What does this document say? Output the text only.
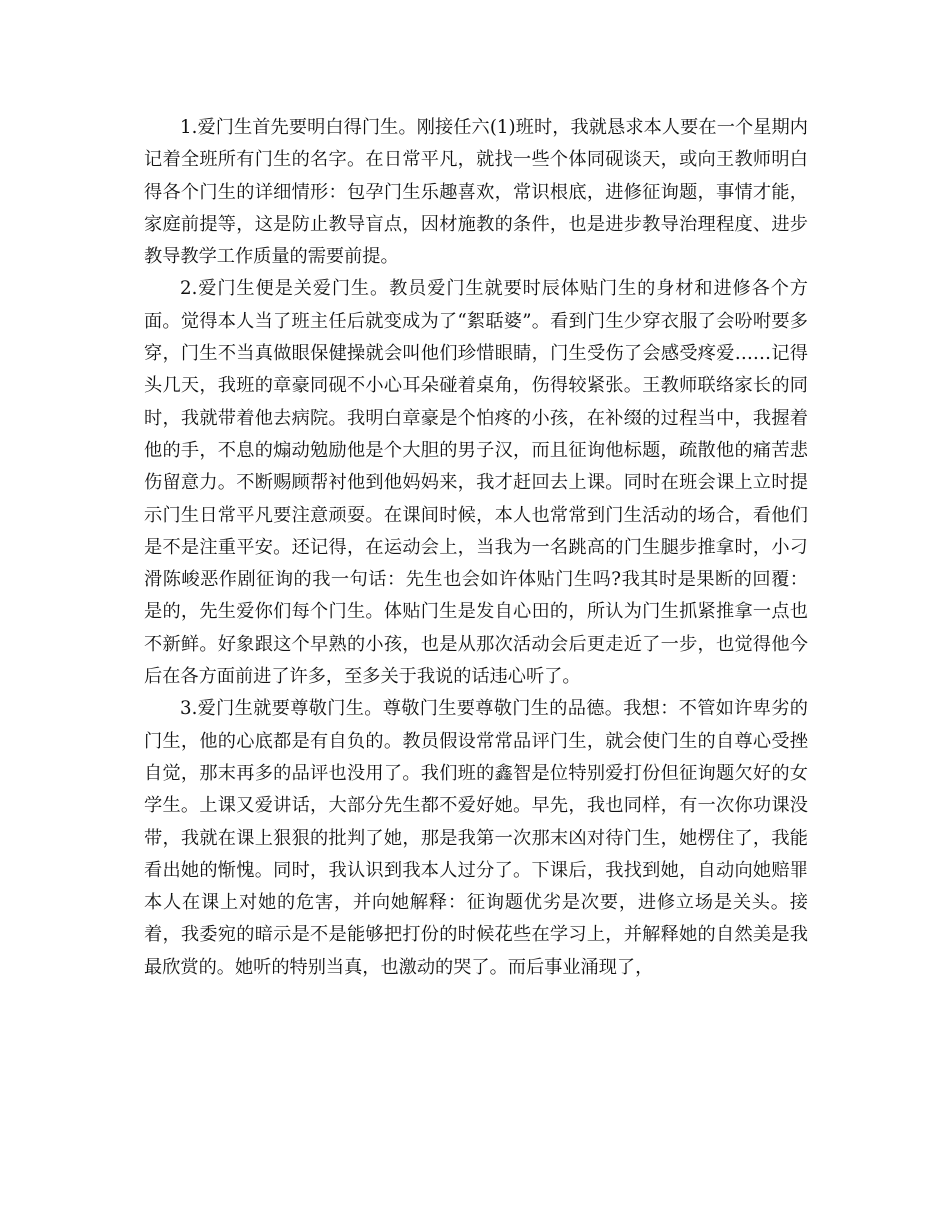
1.爱门生首先要明白得门生。刚接任六(1)班时，我就恳求本人要在一个星期内记着全班所有门生的名字。在日常平凡，就找一些个体同砚谈天，或向王教师明白得各个门生的详细情形：包孕门生乐趣喜欢，常识根底，进修征询题，事情才能，家庭前提等，这是防止教导盲点，因材施教的条件，也是进步教导治理程度、进步教导教学工作质量的需要前提。

2.爱门生便是关爱门生。教员爱门生就要时辰体贴门生的身材和进修各个方面。觉得本人当了班主任后就变成为了“絮聒婆”。看到门生少穿衣服了会吩咐要多穿，门生不当真做眼保健操就会叫他们珍惜眼睛，门生受伤了会感受疼爱……记得头几天，我班的章豪同砚不小心耳朵碰着桌角，伤得较紧张。王教师联络家长的同时，我就带着他去病院。我明白章豪是个怕疼的小孩，在补缀的过程当中，我握着他的手，不息的煽动勉励他是个大胆的男子汉，而且征询他标题，疏散他的痛苦悲伤留意力。不断赐顾帮衬他到他妈妈来，我才赶回去上课。同时在班会课上立时提示门生日常平凡要注意顽耍。在课间时候，本人也常常到门生活动的场合，看他们是不是注重平安。还记得，在运动会上，当我为一名跳高的门生腿步推拿时，小刁滑陈峻恶作剧征询的我一句话：先生也会如许体贴门生吗?我其时是果断的回覆：是的，先生爱你们每个门生。体贴门生是发自心田的，所认为门生抓紧推拿一点也不新鲜。好象跟这个早熟的小孩，也是从那次活动会后更走近了一步，也觉得他今后在各方面前进了许多，至多关于我说的话违心听了。

3.爱门生就要尊敬门生。尊敬门生要尊敬门生的品德。我想：不管如许卑劣的门生，他的心底都是有自负的。教员假设常常品评门生，就会使门生的自尊心受挫自觉，那末再多的品评也没用了。我们班的鑫智是位特别爱打份但征询题欠好的女学生。上课又爱讲话，大部分先生都不爱好她。早先，我也同样，有一次你功课没带，我就在课上狠狠的批判了她，那是我第一次那末凶对待门生，她楞住了，我能看出她的惭愧。同时，我认识到我本人过分了。下课后，我找到她，自动向她赔罪本人在课上对她的危害，并向她解释：征询题优劣是次要，进修立场是关头。接着，我委宛的暗示是不是能够把打份的时候花些在学习上，并解释她的自然美是我最欣赏的。她听的特别当真，也激动的哭了。而后事业涌现了，
